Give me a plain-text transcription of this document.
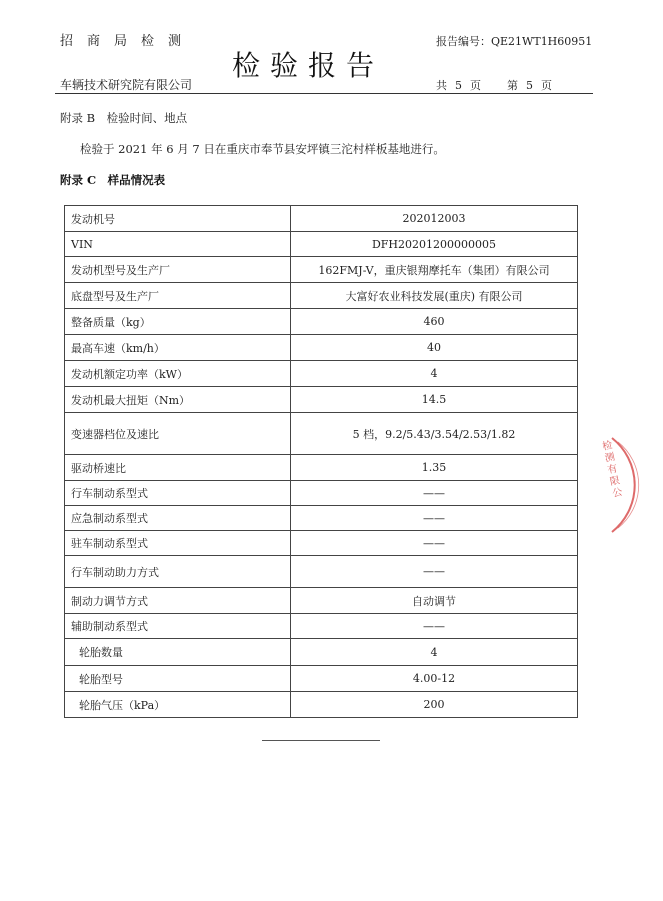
招商局检测
检验报告
报告编号：QE21WT1H60951
车辆技术研究院有限公司	共 5 页 第 5 页
附录 B　检验时间、地点
检验于 2021 年 6 月 7 日在重庆市奉节县安坪镇三沱村样板基地进行。
附录 C　样品情况表
发动机号	202012003
VIN	DFH20201200000005
发动机型号及生产厂	162FMJ-V，重庆银翔摩托车（集团）有限公司
底盘型号及生产厂	大富好农业科技发展(重庆) 有限公司
整备质量（kg）	460
最高车速（km/h）	40
发动机额定功率（kW）	4
发动机最大扭矩（Nm）	14.5
变速器档位及速比	5 档，9.2/5.43/3.54/2.53/1.82
驱动桥速比	1.35
行车制动系型式	——
应急制动系型式	——
驻车制动系型式	——
行车制动助力方式	——
制动力调节方式	自动调节
辅助制动系型式	——
轮胎数量	4
轮胎型号	4.00-12
轮胎气压（kPa）	200
检测有限公
